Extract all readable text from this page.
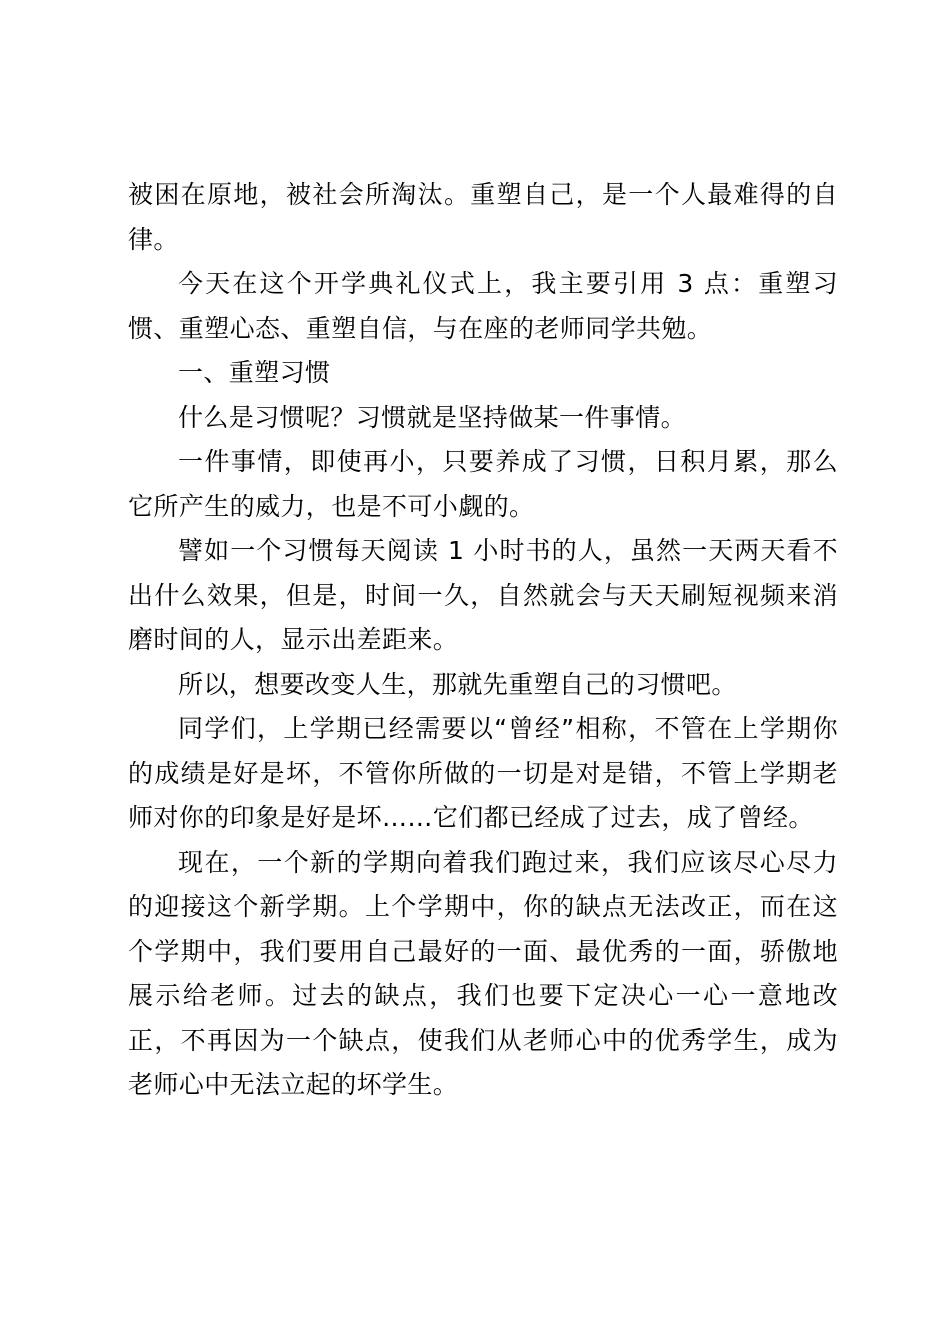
被困在原地，被社会所淘汰。重塑自己，是一个人最难得的自律。

今天在这个开学典礼仪式上，我主要引用 3 点：重塑习惯、重塑心态、重塑自信，与在座的老师同学共勉。

一、重塑习惯

什么是习惯呢？习惯就是坚持做某一件事情。

一件事情，即使再小，只要养成了习惯，日积月累，那么它所产生的威力，也是不可小觑的。

譬如一个习惯每天阅读 1 小时书的人，虽然一天两天看不出什么效果，但是，时间一久，自然就会与天天刷短视频来消磨时间的人，显示出差距来。

所以，想要改变人生，那就先重塑自己的习惯吧。

同学们，上学期已经需要以“曾经”相称，不管在上学期你的成绩是好是坏，不管你所做的一切是对是错，不管上学期老师对你的印象是好是坏……它们都已经成了过去，成了曾经。

现在，一个新的学期向着我们跑过来，我们应该尽心尽力的迎接这个新学期。上个学期中，你的缺点无法改正，而在这个学期中，我们要用自己最好的一面、最优秀的一面，骄傲地展示给老师。过去的缺点，我们也要下定决心一心一意地改正，不再因为一个缺点，使我们从老师心中的优秀学生，成为老师心中无法立起的坏学生。
